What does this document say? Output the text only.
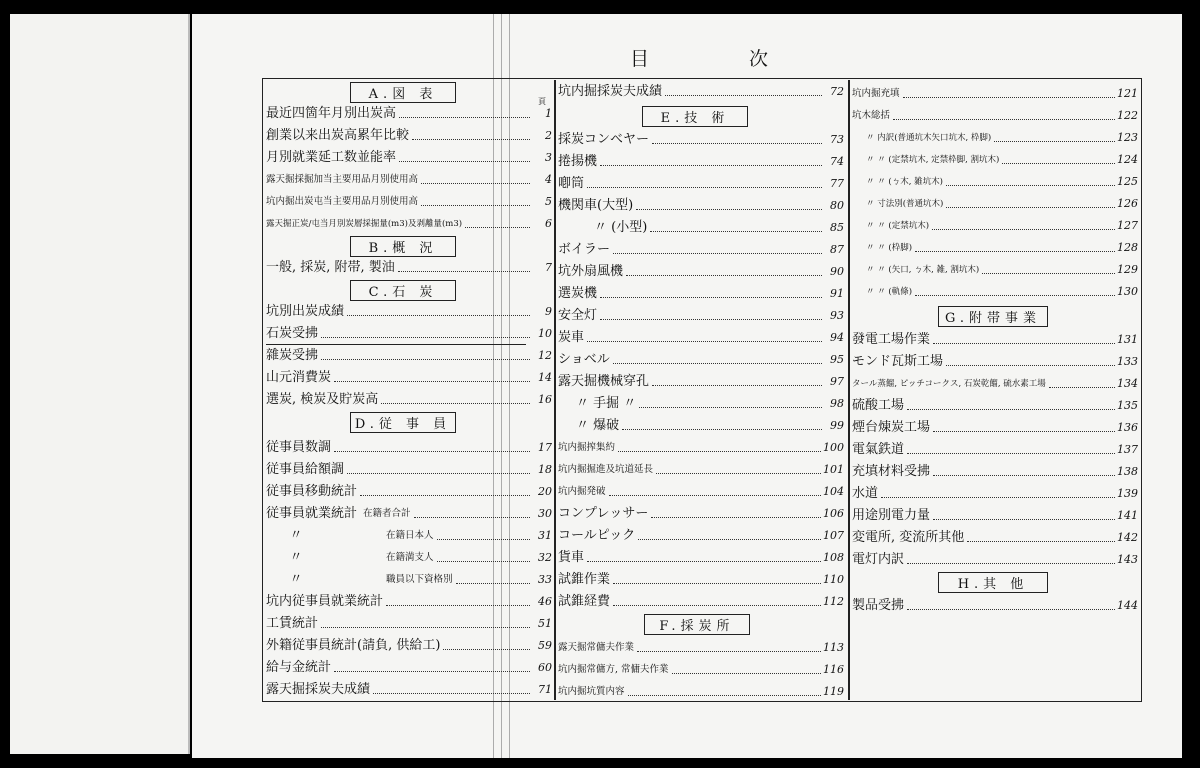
目	次
頁
A.図 表
最近四箇年月別出炭高	1
創業以来出炭高累年比較	2
月別就業延工数並能率	3
露天掘採掘加当主要用品月別使用高	4
坑内掘出炭屯当主要用品月別使用高	5
露天掘正炭/屯当月別炭層採掘量(m3)及剥離量(m3)	6
B.概 況
一般, 採炭, 附帯, 製油	7
C.石 炭
坑別出炭成績	9
石炭受拂	10
雜炭受拂	12
山元消費炭	14
選炭, 検炭及貯炭高	16
D.従 事 員
従事員数調	17
従事員給額調	18
従事員移動統計	20
従事員就業統計 在籍者合計	30
〃	在籍日本人	31
〃	在籍満支人	32
〃	職員以下資格別	33
坑内従事員就業統計	46
工賃統計	51
外籍従事員統計(請負, 供給工)	59
給与金統計	60
露天掘採炭夫成績	71
坑内掘採炭夫成績	72
E.技 術
採炭コンベヤー	73
捲揚機	74
喞筒	77
機関車(大型)	80
〃 (小型)	85
ボイラー	87
坑外扇風機	90
選炭機	91
安全灯	93
炭車	94
ショベル	95
露天掘機械穿孔	97
〃 手掘 〃	98
〃 爆破	99
坑内掘搾集約	100
坑内掘掘進及坑道延長	101
坑内掘発破	104
コンプレッサー	106
コールピック	107
貨車	108
試錐作業	110
試錐経費	112
F.採炭所
露天掘常傭夫作業	113
坑内掘常傭方, 常傭夫作業	116
坑内掘坑質内容	119
坑内掘充填	121
坑木総括	122
〃 内訳(普通坑木矢口坑木, 枠脚)	123
〃 〃 (定禁坑木, 定禁枠脚, 割坑木)	124
〃 〃 (ㄅ木, 雑坑木)	125
〃 寸法別(普通坑木)	126
〃 〃 (定禁坑木)	127
〃 〃 (枠脚)	128
〃 〃 (矢口, ㄅ木, 雑, 割坑木)	129
〃 〃 (軌條)	130
G.附帯事業
發電工場作業	131
モンド瓦斯工場	133
タール蒸餾, ピッチコークス, 石炭乾餾, 硫水素工場	134
硫酸工場	135
煙台煉炭工場	136
電氣鉄道	137
充填材料受拂	138
水道	139
用途別電力量	141
変電所, 変流所其他	142
電灯内訳	143
H.其 他
製品受拂	144
